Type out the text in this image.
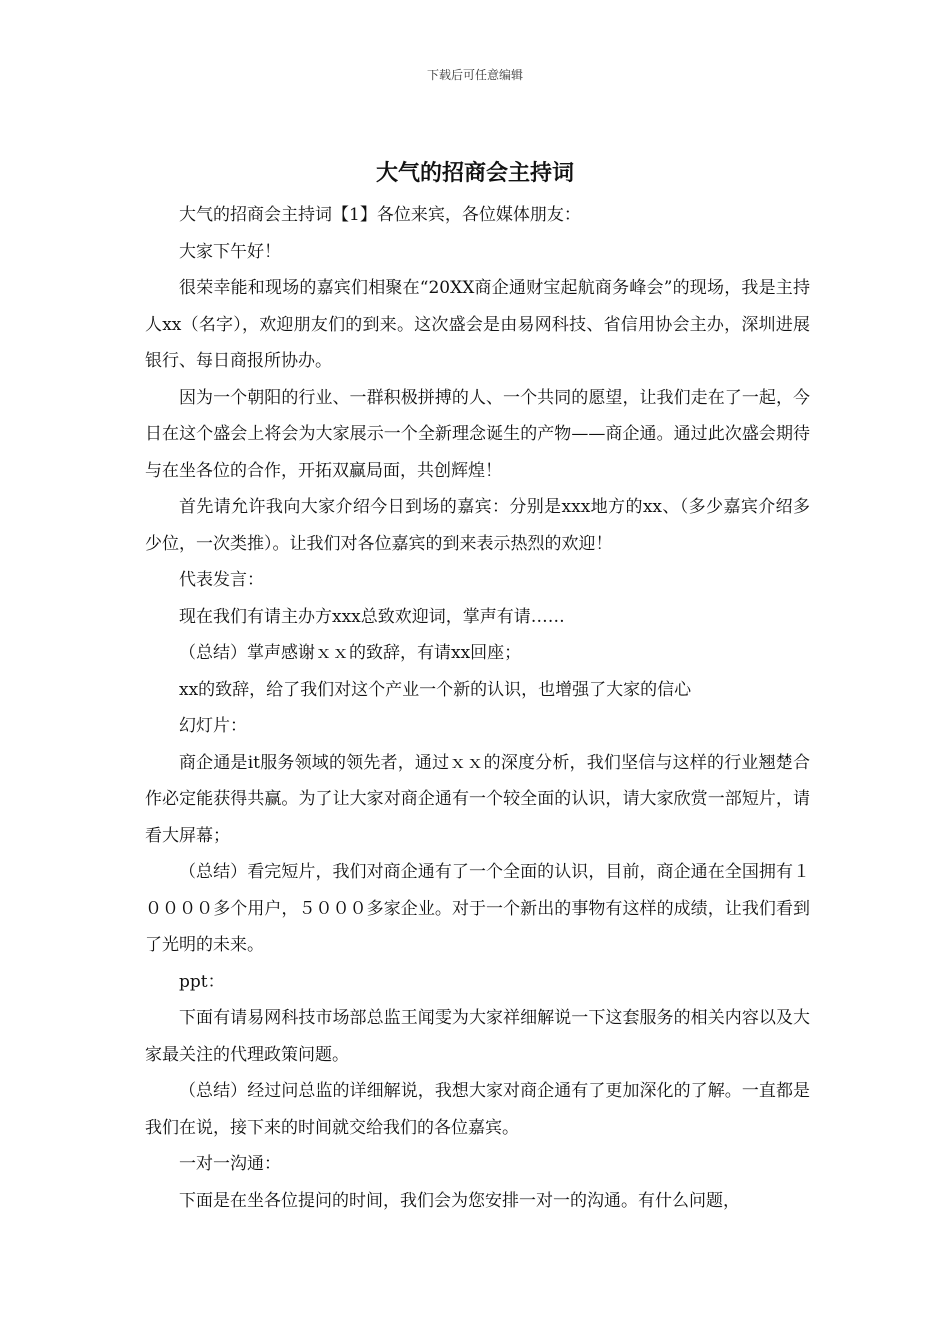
下载后可任意编辑
大气的招商会主持词

大气的招商会主持词【1】各位来宾，各位媒体朋友：

大家下午好！

很荣幸能和现场的嘉宾们相聚在“20XX商企通财宝起航商务峰会”的现场，我是主持人xx（名字），欢迎朋友们的到来。这次盛会是由易网科技、省信用协会主办，深圳进展银行、每日商报所协办。

因为一个朝阳的行业、一群积极拼搏的人、一个共同的愿望，让我们走在了一起，今日在这个盛会上将会为大家展示一个全新理念诞生的产物——商企通。通过此次盛会期待与在坐各位的合作，开拓双赢局面，共创辉煌！

首先请允许我向大家介绍今日到场的嘉宾：分别是xxx地方的xx、（多少嘉宾介绍多少位，一次类推）。让我们对各位嘉宾的到来表示热烈的欢迎！

代表发言：

现在我们有请主办方xxx总致欢迎词，掌声有请……

（总结）掌声感谢ｘｘ的致辞，有请xx回座；

xx的致辞，给了我们对这个产业一个新的认识，也增强了大家的信心

幻灯片：

商企通是it服务领域的领先者，通过ｘｘ的深度分析，我们坚信与这样的行业翘楚合作必定能获得共赢。为了让大家对商企通有一个较全面的认识，请大家欣赏一部短片，请看大屏幕；

（总结）看完短片，我们对商企通有了一个全面的认识，目前，商企通在全国拥有１００００多个用户，５０００多家企业。对于一个新出的事物有这样的成绩，让我们看到了光明的未来。

ppt：

下面有请易网科技市场部总监王闻雯为大家祥细解说一下这套服务的相关内容以及大家最关注的代理政策问题。

（总结）经过问总监的详细解说，我想大家对商企通有了更加深化的了解。一直都是我们在说，接下来的时间就交给我们的各位嘉宾。

一对一沟通：

下面是在坐各位提问的时间，我们会为您安排一对一的沟通。有什么问题，
